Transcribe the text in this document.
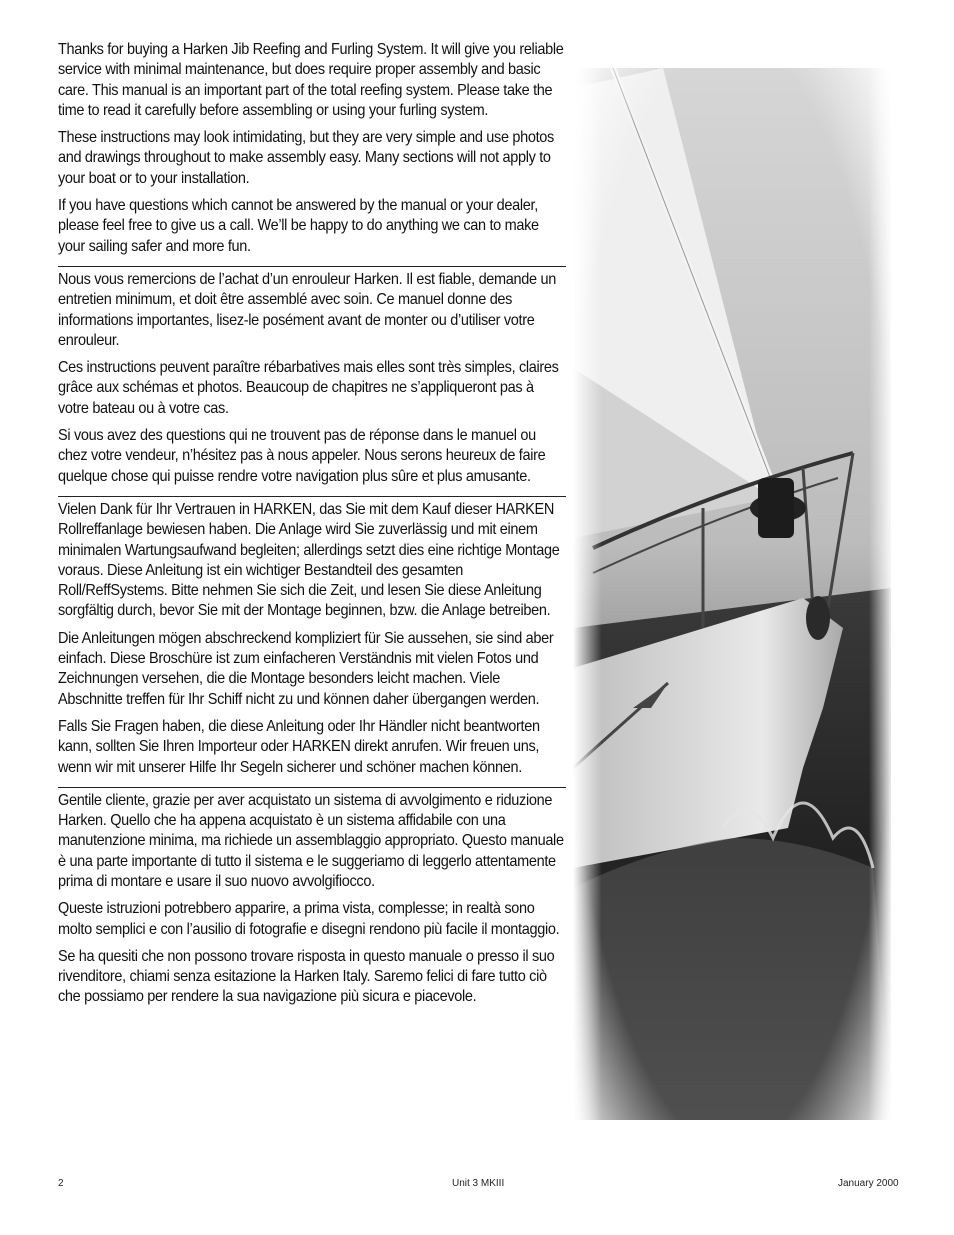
Thanks for buying a Harken Jib Reefing and Furling System. It will give you reliable service with minimal maintenance, but does require proper assembly and basic care. This manual is an important part of the total reefing system. Please take the time to read it carefully before assembling or using your furling system.

These instructions may look intimidating, but they are very simple and use photos and drawings throughout to make assembly easy. Many sections will not apply to your boat or to your installation.

If you have questions which cannot be answered by the manual or your dealer, please feel free to give us a call. We’ll be happy to do anything we can to make your sailing safer and more fun.

Nous vous remercions de l’achat d’un enrouleur Harken. Il est fiable, demande un entretien minimum, et doit être assemblé avec soin. Ce manuel donne des informations importantes, lisez-le posément avant de monter ou d’utiliser votre enrouleur.

Ces instructions peuvent paraître rébarbatives mais elles sont très simples, claires grâce aux schémas et photos. Beaucoup de chapitres ne s’appliqueront pas à votre bateau ou à votre cas.

Si vous avez des questions qui ne trouvent pas de réponse dans le manuel ou chez votre vendeur, n’hésitez pas à nous appeler. Nous serons heureux de faire quelque chose qui puisse rendre votre navigation plus sûre et plus amusante.

Vielen Dank für Ihr Vertrauen in HARKEN, das Sie mit dem Kauf dieser HARKEN Rollreffanlage bewiesen haben. Die Anlage wird Sie zuverlässig und mit einem minimalen Wartungsaufwand begleiten; allerdings setzt dies eine richtige Montage voraus. Diese Anleitung ist ein wichtiger Bestandteil des gesamten Roll/ReffSystems. Bitte nehmen Sie sich die Zeit, und lesen Sie diese Anleitung sorgfältig durch, bevor Sie mit der Montage beginnen, bzw. die Anlage betreiben.

Die Anleitungen mögen abschreckend kompliziert für Sie aussehen, sie sind aber einfach. Diese Broschüre ist zum einfacheren Verständnis mit vielen Fotos und Zeichnungen versehen, die die Montage besonders leicht machen. Viele Abschnitte treffen für Ihr Schiff nicht zu und können daher übergangen werden.

Falls Sie Fragen haben, die diese Anleitung oder Ihr Händler nicht beantworten kann, sollten Sie Ihren Importeur oder HARKEN direkt anrufen. Wir freuen uns, wenn wir mit unserer Hilfe Ihr Segeln sicherer und schöner machen können.

Gentile cliente, grazie per aver acquistato un sistema di avvolgimento e riduzione Harken. Quello che ha appena acquistato è un sistema affidabile con una manutenzione minima, ma richiede un assemblaggio appropriato. Questo manuale è una parte importante di tutto il sistema e le suggeriamo di leggerlo attentamente prima di montare e usare il suo nuovo avvolgifiocco.

Queste istruzioni potrebbero apparire, a prima vista, complesse; in realtà sono molto semplici e con l’ausilio di fotografie e disegni rendono più facile il montaggio.

Se ha quesiti che non possono trovare risposta in questo manuale o presso il suo rivenditore, chiami senza esitazione la Harken Italy. Saremo felici di fare tutto ciò che possiamo per rendere la sua navigazione più sicura e piacevole.

2	Unit 3 MKIII	January 2000
